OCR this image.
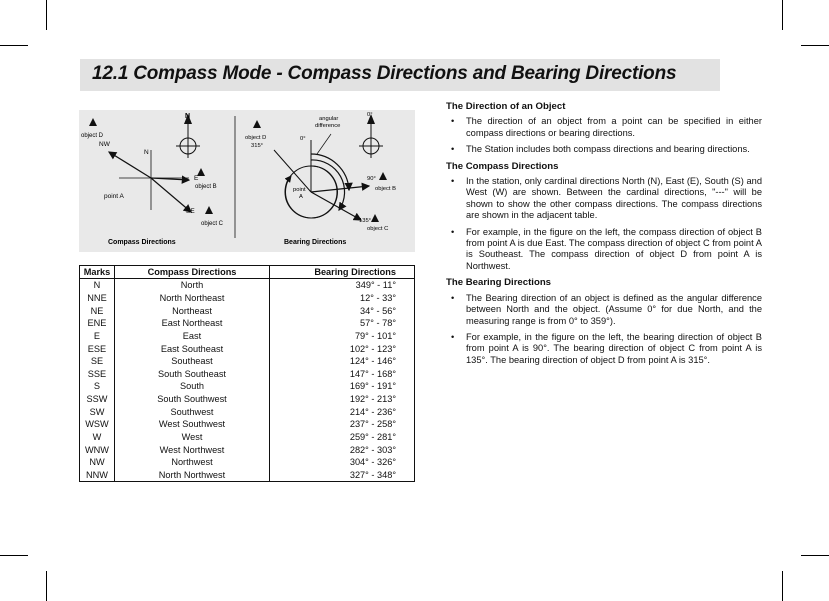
12.1 Compass Mode - Compass Directions and Bearing Directions
N
object D
NW
N
point A
E
object B
SE
object C
Compass Directions
angular
difference
0°
object D
315°
0°
point
A
90°
object B
135°
object C
Bearing Directions
Marks	Compass Directions	Bearing Directions
N	North	349° - 11°
NNE	North Northeast	12° - 33°
NE	Northeast	34° - 56°
ENE	East Northeast	57° - 78°
E	East	79° - 101°
ESE	East Southeast	102° - 123°
SE	Southeast	124° - 146°
SSE	South Southeast	147° - 168°
S	South	169° - 191°
SSW	South Southwest	192° - 213°
SW	Southwest	214° - 236°
WSW	West Southwest	237° - 258°
W	West	259° - 281°
WNW	West Northwest	282° - 303°
NW	Northwest	304° - 326°
NNW	North Northwest	327° - 348°
The Direction of an Object
• The direction of an object from a point can be specified in either compass directions or bearing directions.
• The Station includes both compass directions and bearing directions.
The Compass Directions
• In the station, only cardinal directions North (N), East (E), South (S) and West (W) are shown. Between the cardinal directions, "---" will be shown to show the other compass directions. The compass directions are shown in the adjacent table.
• For example, in the figure on the left, the compass direction of object B from point A is due East. The compass direction of object C from point A is Southeast. The compass direction of object D from point A is Northwest.
The Bearing Directions
• The Bearing direction of an object is defined as the angular difference between North and the object. (Assume 0° for due North, and the measuring range is from 0° to 359°).
• For example, in the figure on the left, the bearing direction of object B from point A is 90°. The bearing direction of object C from point A is 135°. The bearing direction of object D from point A is 315°.
